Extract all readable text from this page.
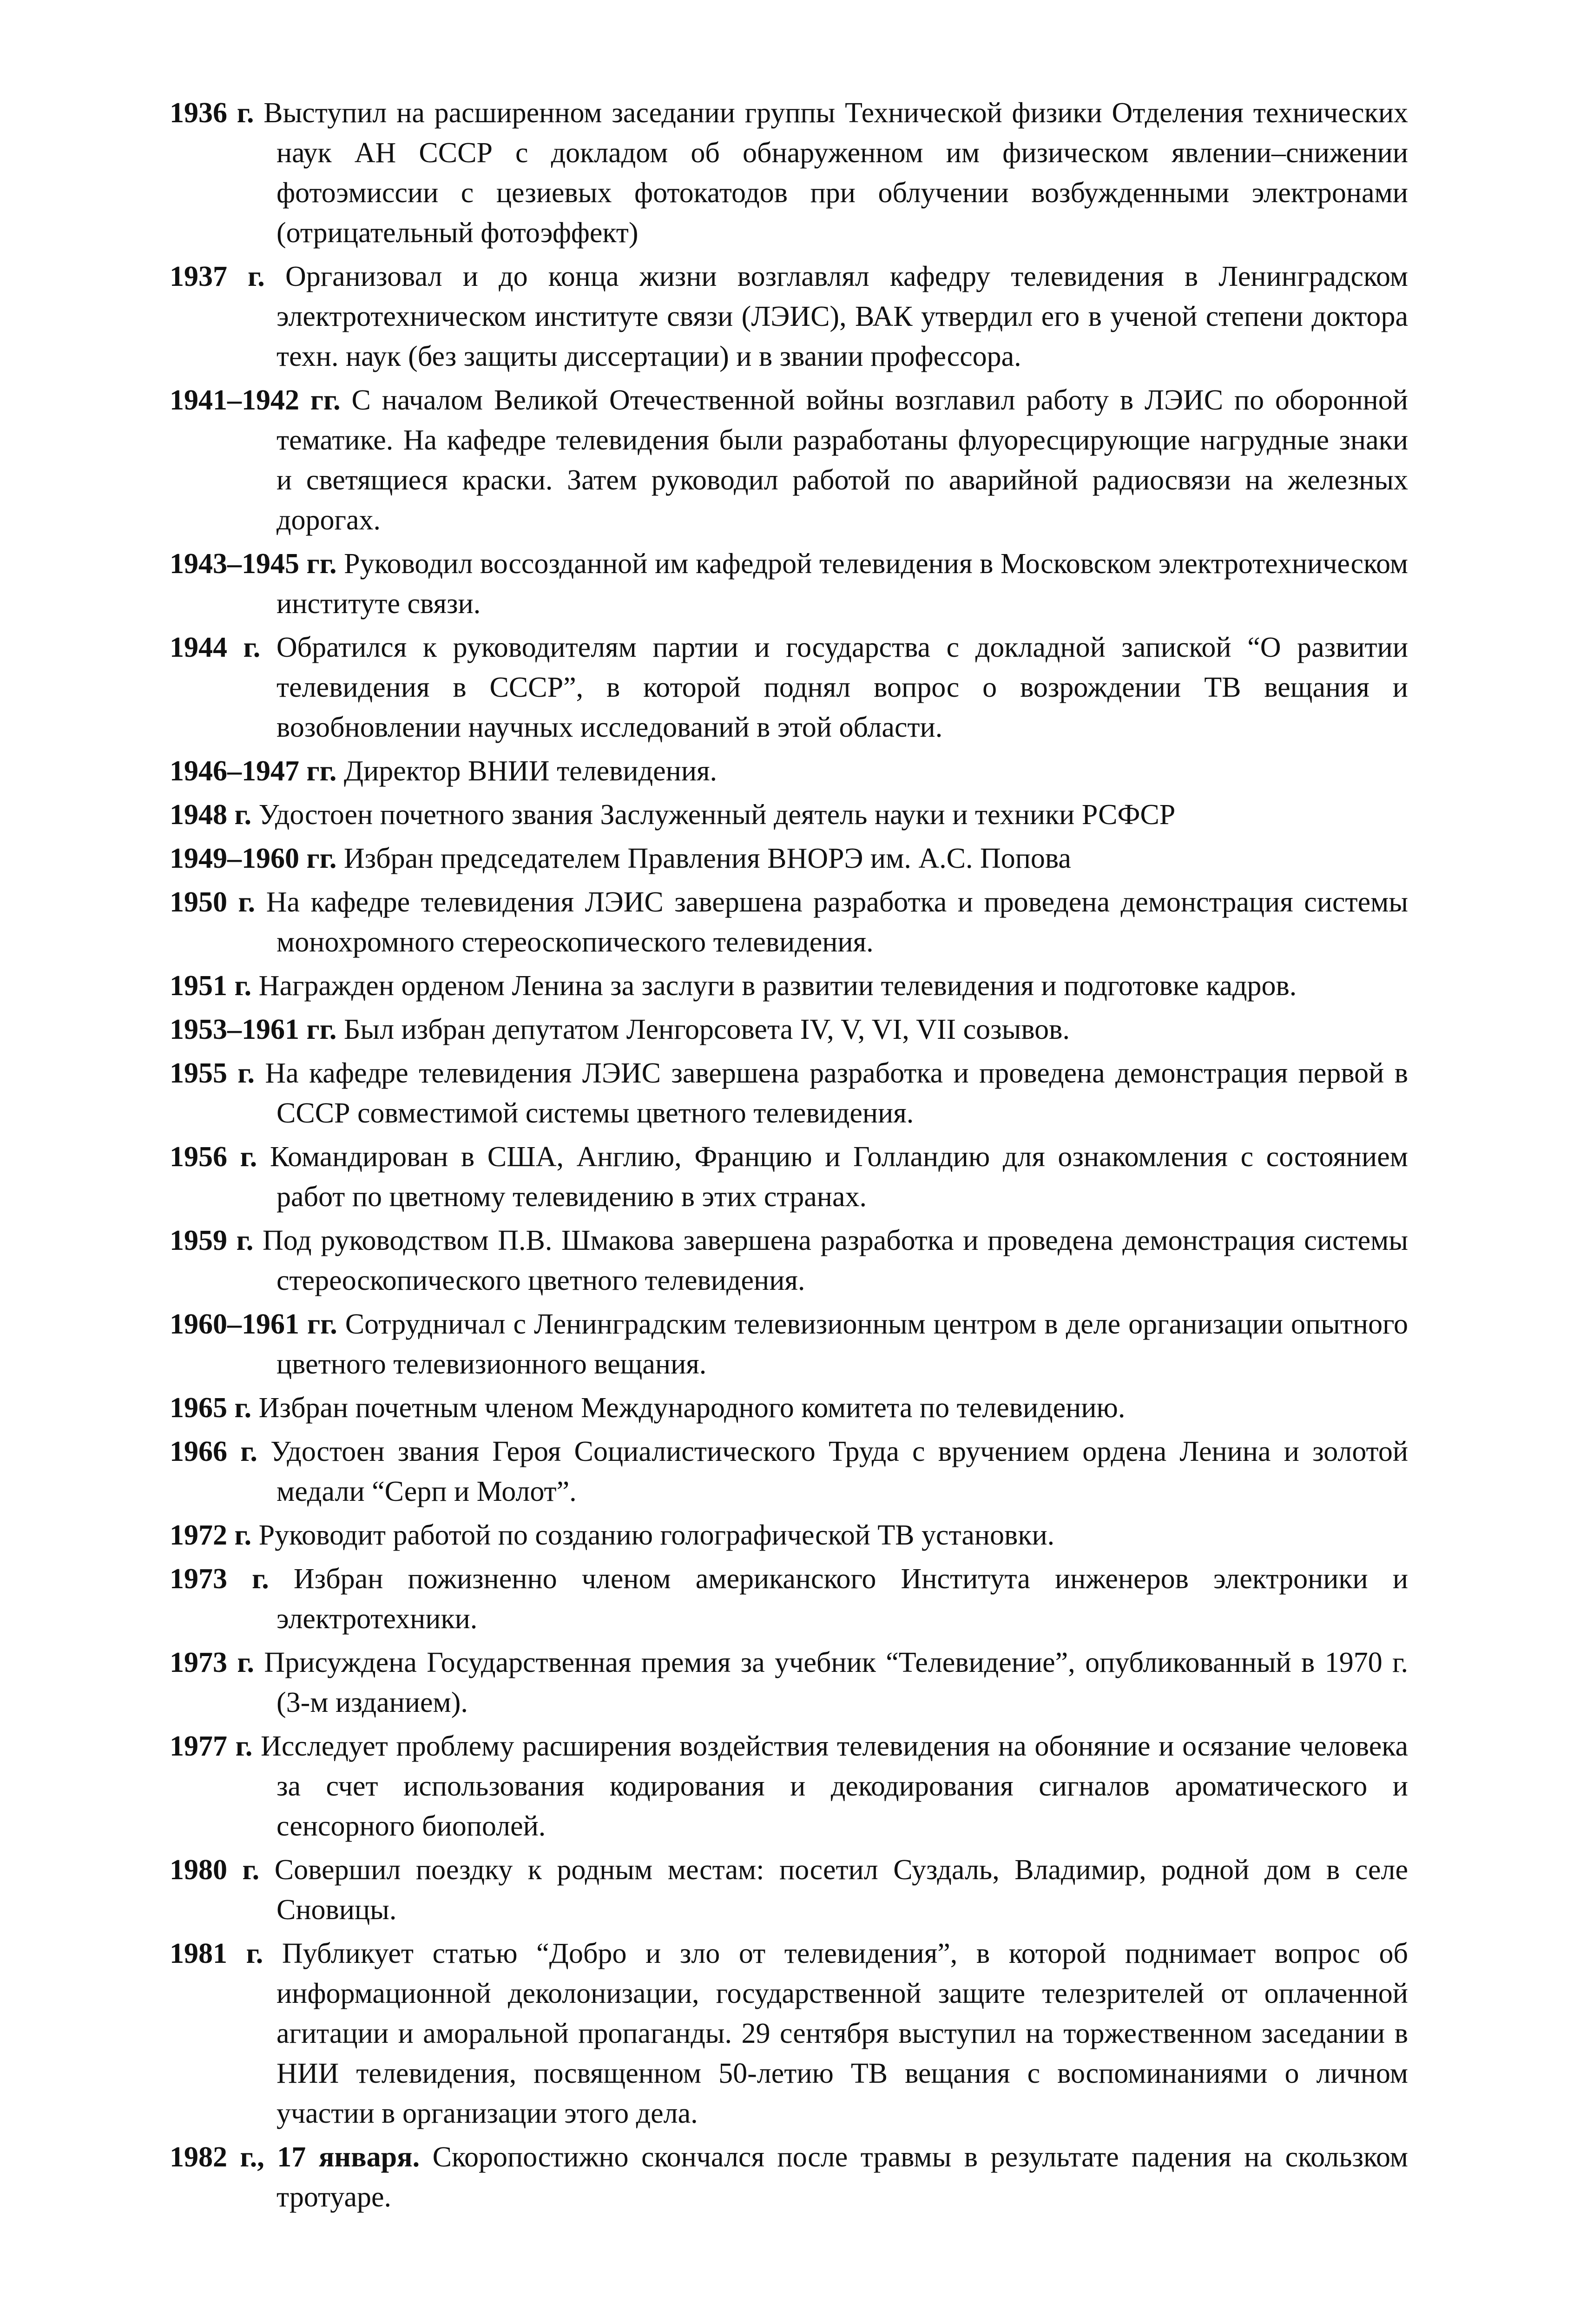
1936 г. Выступил на расширенном заседании группы Технической физики Отделения технических наук АН СССР с докладом об обнаруженном им физическом явлении–снижении фотоэмиссии с цезиевых фотокатодов при облучении возбужденными электронами (отрицательный фотоэффект)

1937 г. Организовал и до конца жизни возглавлял кафедру телевидения в Ленинградском электротехническом институте связи (ЛЭИС), ВАК утвердил его в ученой степени доктора техн. наук (без защиты диссертации) и в звании профессора.

1941–1942 гг. С началом Великой Отечественной войны возглавил работу в ЛЭИС по оборонной тематике. На кафедре телевидения были разработаны флуоресцирующие нагрудные знаки и светящиеся краски. Затем руководил работой по аварийной радиосвязи на железных дорогах.

1943–1945 гг. Руководил воссозданной им кафедрой телевидения в Московском электротехническом институте связи.

1944 г. Обратился к руководителям партии и государства с докладной запиской “О развитии телевидения в СССР”, в которой поднял вопрос о возрождении ТВ вещания и возобновлении научных исследований в этой области.

1946–1947 гг. Директор ВНИИ телевидения.

1948 г. Удостоен почетного звания Заслуженный деятель науки и техники РСФСР

1949–1960 гг. Избран председателем Правления ВНОРЭ им. А.С. Попова

1950 г. На кафедре телевидения ЛЭИС завершена разработка и проведена демонстрация системы монохромного стереоскопического телевидения.

1951 г. Награжден орденом Ленина за заслуги в развитии телевидения и подготовке кадров.

1953–1961 гг. Был избран депутатом Ленгорсовета IV, V, VI, VII созывов.

1955 г. На кафедре телевидения ЛЭИС завершена разработка и проведена демонстрация первой в СССР совместимой системы цветного телевидения.

1956 г. Командирован в США, Англию, Францию и Голландию для ознакомления с состоянием работ по цветному телевидению в этих странах.

1959 г. Под руководством П.В. Шмакова завершена разработка и проведена демонстрация системы стереоскопического цветного телевидения.

1960–1961 гг. Сотрудничал с Ленинградским телевизионным центром в деле организации опытного цветного телевизионного вещания.

1965 г. Избран почетным членом Международного комитета по телевидению.

1966 г. Удостоен звания Героя Социалистического Труда с вручением ордена Ленина и золотой медали “Серп и Молот”.

1972 г. Руководит работой по созданию голографической ТВ установки.

1973 г. Избран пожизненно членом американского Института инженеров электроники и электротехники.

1973 г. Присуждена Государственная премия за учебник “Телевидение”, опубликованный в 1970 г. (3-м изданием).

1977 г. Исследует проблему расширения воздействия телевидения на обоняние и осязание человека за счет использования кодирования и декодирования сигналов ароматического и сенсорного биополей.

1980 г. Совершил поездку к родным местам: посетил Суздаль, Владимир, родной дом в селе Сновицы.

1981 г. Публикует статью “Добро и зло от телевидения”, в которой поднимает вопрос об информационной деколонизации, государственной защите телезрителей от оплаченной агитации и аморальной пропаганды. 29 сентября выступил на торжественном заседании в НИИ телевидения, посвященном 50-летию ТВ вещания с воспоминаниями о личном участии в организации этого дела.

1982 г., 17 января. Скоропостижно скончался после травмы в результате падения на скользком тротуаре.
